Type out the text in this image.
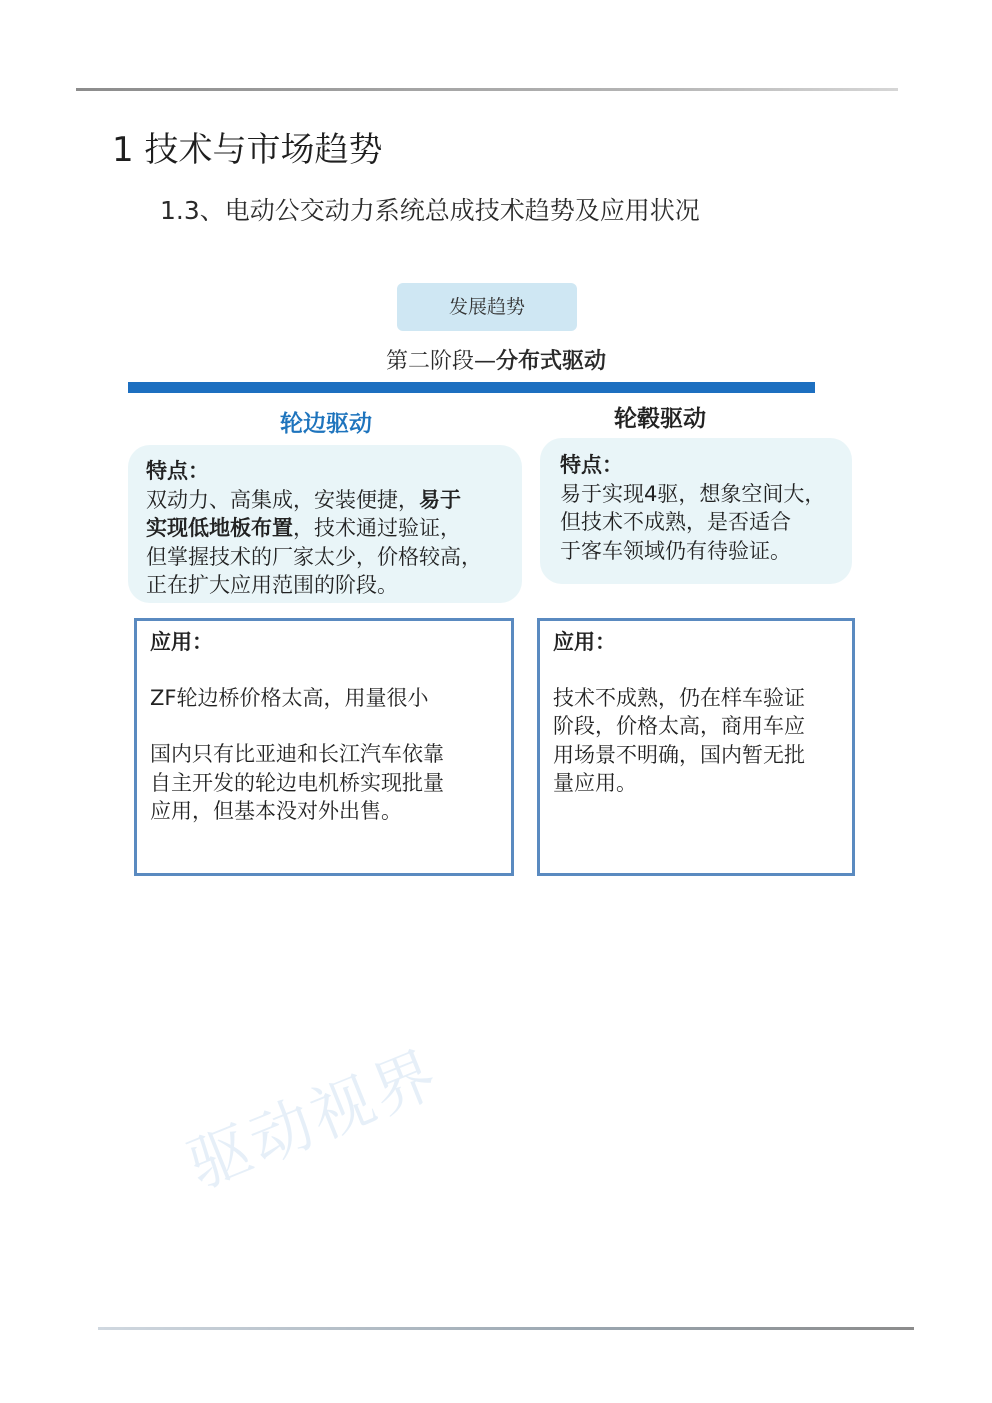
1 技术与市场趋势
1.3、电动公交动力系统总成技术趋势及应用状况
发展趋势
第二阶段—分布式驱动
轮边驱动	轮毂驱动
特点：
双动力、高集成，安装便捷，易于
实现低地板布置，技术通过验证，
但掌握技术的厂家太少，价格较高，
正在扩大应用范围的阶段。
特点：
易于实现4驱，想象空间大，
但技术不成熟，是否适合
于客车领域仍有待验证。
应用：

ZF轮边桥价格太高，用量很小

国内只有比亚迪和长江汽车依靠
自主开发的轮边电机桥实现批量
应用，但基本没对外出售。
应用：
技术不成熟，仍在样车验证
阶段，价格太高，商用车应
用场景不明确，国内暂无批
量应用。
驱动视界
